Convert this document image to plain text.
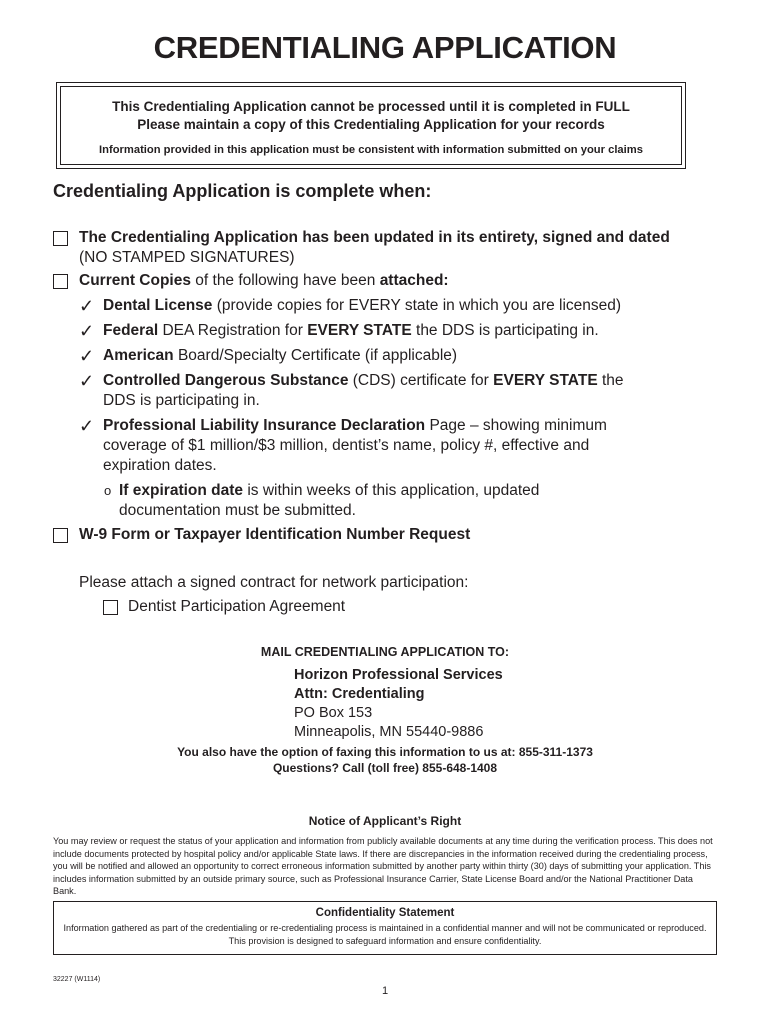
CREDENTIALING APPLICATION
This Credentialing Application cannot be processed until it is completed in FULL
Please maintain a copy of this Credentialing Application for your records
Information provided in this application must be consistent with information submitted on your claims
Credentialing Application is complete when:
The Credentialing Application has been updated in its entirety, signed and dated
(NO STAMPED SIGNATURES)
Current Copies of the following have been attached:
✓ Dental License (provide copies for EVERY state in which you are licensed)
✓ Federal DEA Registration for EVERY STATE the DDS is participating in.
✓ American Board/Specialty Certificate (if applicable)
✓ Controlled Dangerous Substance (CDS) certificate for EVERY STATE the
DDS is participating in.
✓ Professional Liability Insurance Declaration Page – showing minimum
coverage of $1 million/$3 million, dentist’s name, policy #, effective and
expiration dates.
o If expiration date is within weeks of this application, updated
documentation must be submitted.
W-9 Form or Taxpayer Identification Number Request
Please attach a signed contract for network participation:
Dentist Participation Agreement
MAIL CREDENTIALING APPLICATION TO:
Horizon Professional Services
Attn: Credentialing
PO Box 153
Minneapolis, MN 55440-9886
You also have the option of faxing this information to us at: 855-311-1373
Questions? Call (toll free) 855-648-1408
Notice of Applicant’s Right
You may review or request the status of your application and information from publicly available documents at any time during the verification process. This does not include documents protected by hospital policy and/or applicable State laws. If there are discrepancies in the information received during the credentialing process, you will be notified and allowed an opportunity to correct erroneous information submitted by another party within thirty (30) days of submitting your application. This includes information submitted by an outside primary source, such as Professional Insurance Carrier, State License Board and/or the National Practitioner Data Bank.
Confidentiality Statement
Information gathered as part of the credentialing or re-credentialing process is maintained in a confidential manner and will not be communicated or reproduced. This provision is designed to safeguard information and ensure confidentiality.
32227 (W1114)
1
